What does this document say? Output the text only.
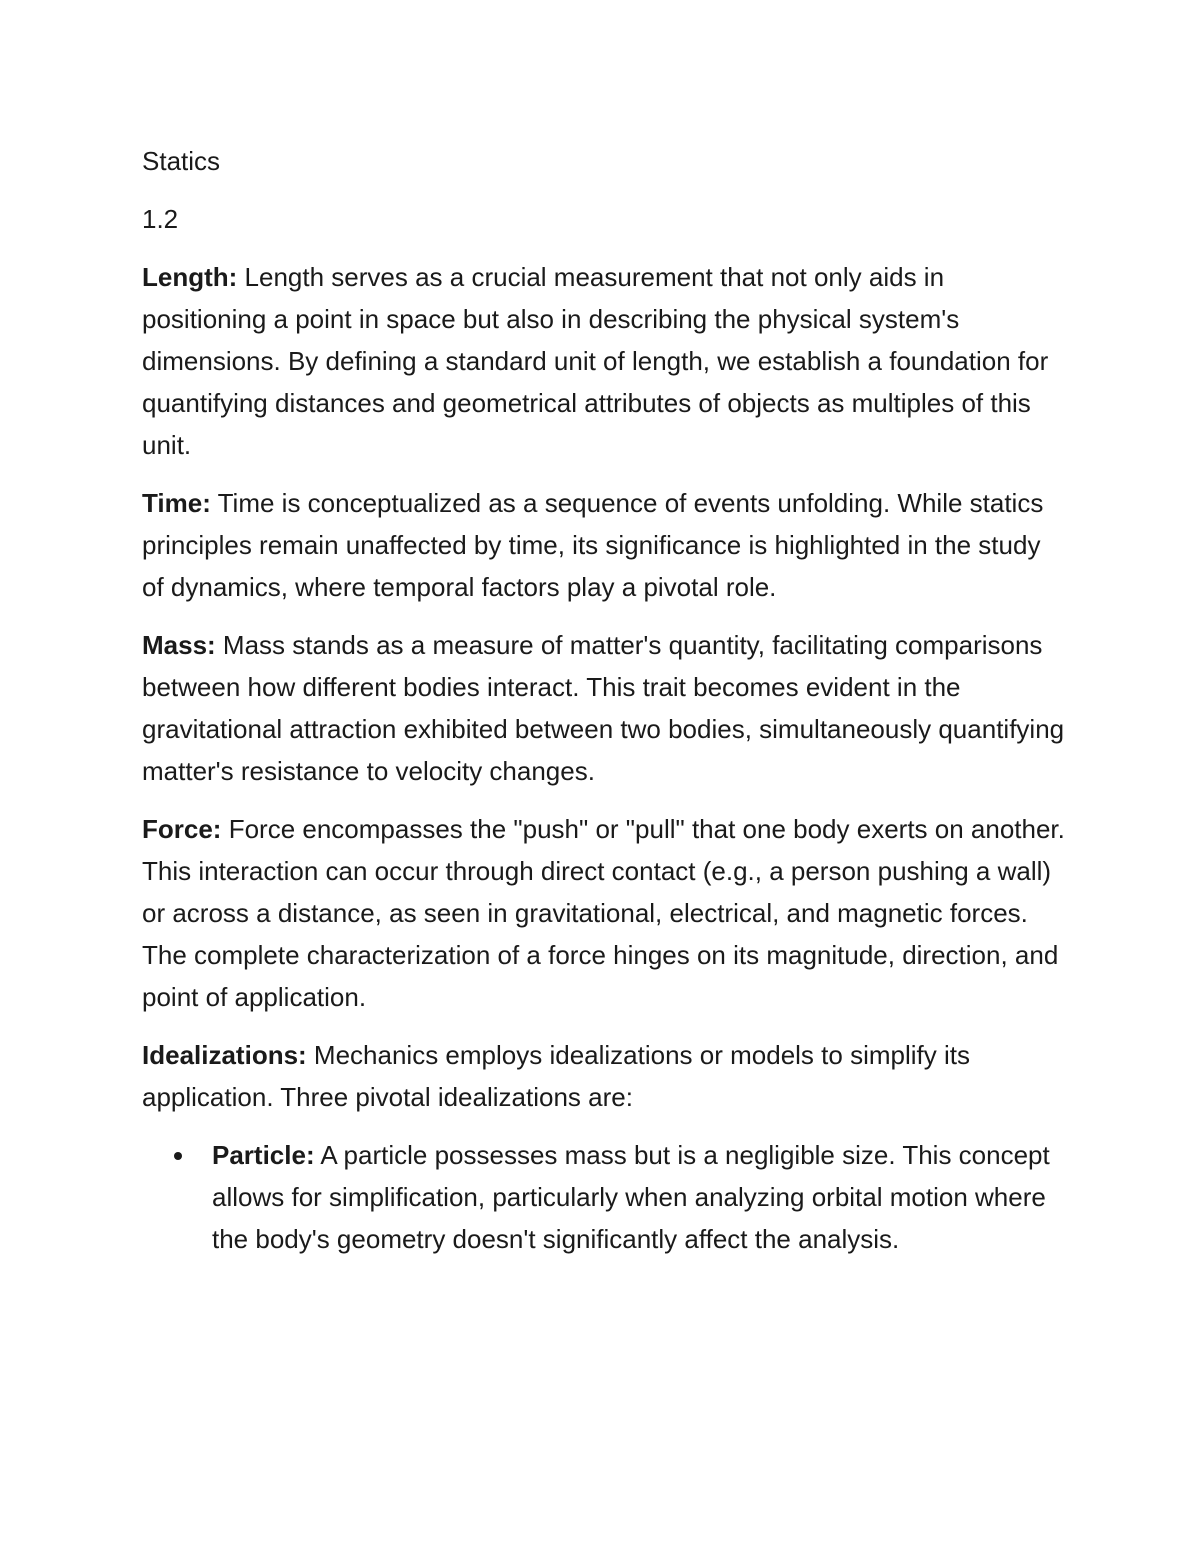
Statics
1.2

Length: Length serves as a crucial measurement that not only aids in positioning a point in space but also in describing the physical system's dimensions. By defining a standard unit of length, we establish a foundation for quantifying distances and geometrical attributes of objects as multiples of this unit.

Time: Time is conceptualized as a sequence of events unfolding. While statics principles remain unaffected by time, its significance is highlighted in the study of dynamics, where temporal factors play a pivotal role.

Mass: Mass stands as a measure of matter's quantity, facilitating comparisons between how different bodies interact. This trait becomes evident in the gravitational attraction exhibited between two bodies, simultaneously quantifying matter's resistance to velocity changes.

Force: Force encompasses the "push" or "pull" that one body exerts on another. This interaction can occur through direct contact (e.g., a person pushing a wall) or across a distance, as seen in gravitational, electrical, and magnetic forces. The complete characterization of a force hinges on its magnitude, direction, and point of application.

Idealizations: Mechanics employs idealizations or models to simplify its application. Three pivotal idealizations are:

Particle: A particle possesses mass but is a negligible size. This concept allows for simplification, particularly when analyzing orbital motion where the body's geometry doesn't significantly affect the analysis.
